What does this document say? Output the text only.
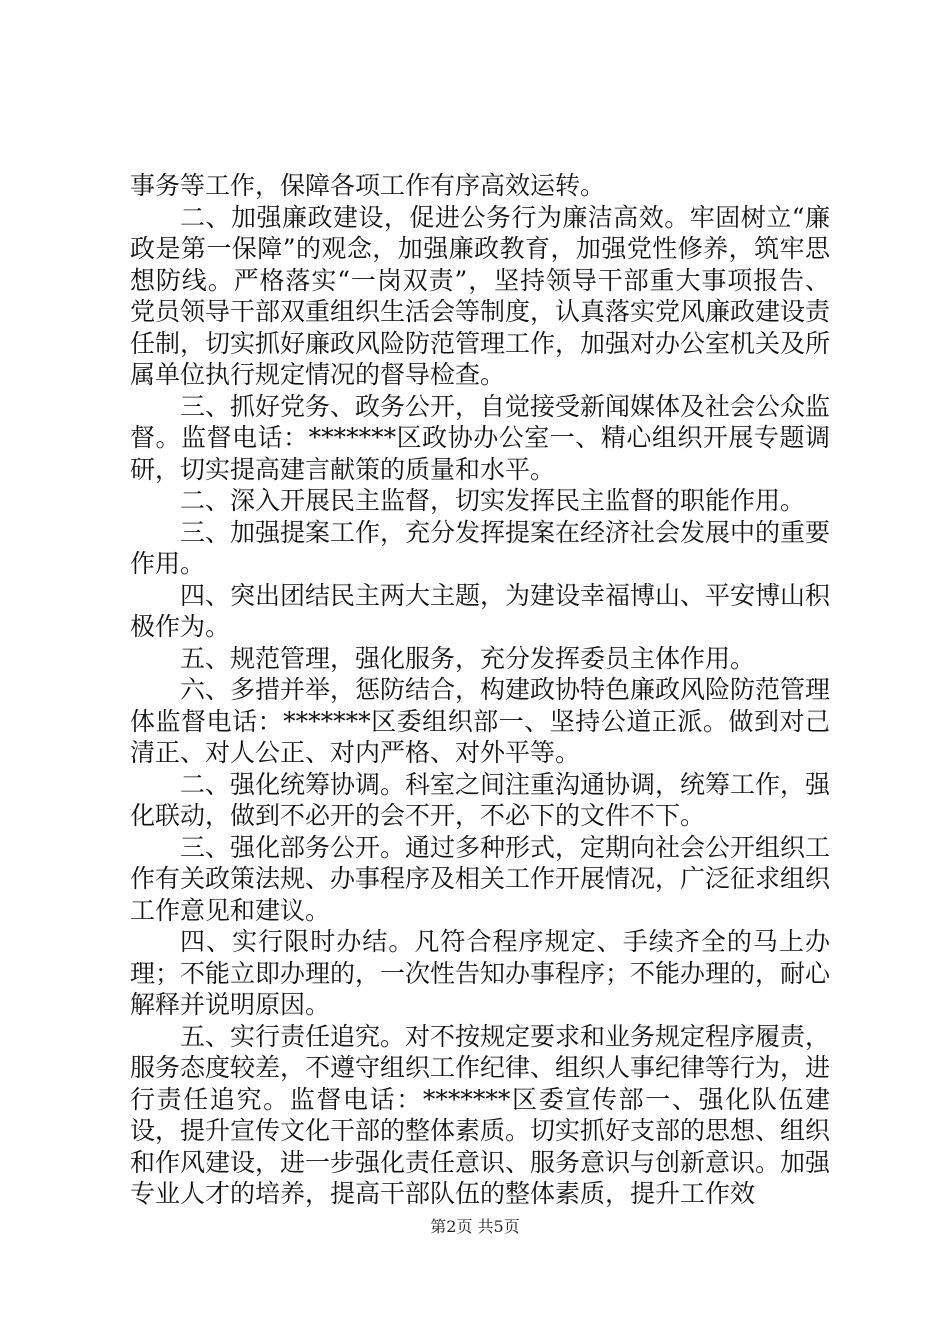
事务等工作，保障各项工作有序高效运转。

二、加强廉政建设，促进公务行为廉洁高效。牢固树立“廉政是第一保障”的观念，加强廉政教育，加强党性修养，筑牢思想防线。严格落实“一岗双责”，坚持领导干部重大事项报告、党员领导干部双重组织生活会等制度，认真落实党风廉政建设责任制，切实抓好廉政风险防范管理工作，加强对办公室机关及所属单位执行规定情况的督导检查。

三、抓好党务、政务公开，自觉接受新闻媒体及社会公众监督。监督电话：*******区政协办公室一、精心组织开展专题调研，切实提高建言献策的质量和水平。

二、深入开展民主监督，切实发挥民主监督的职能作用。

三、加强提案工作，充分发挥提案在经济社会发展中的重要作用。

四、突出团结民主两大主题，为建设幸福博山、平安博山积极作为。

五、规范管理，强化服务，充分发挥委员主体作用。

六、多措并举，惩防结合，构建政协特色廉政风险防范管理体监督电话：*******区委组织部一、坚持公道正派。做到对己清正、对人公正、对内严格、对外平等。

二、强化统筹协调。科室之间注重沟通协调，统筹工作，强化联动，做到不必开的会不开，不必下的文件不下。

三、强化部务公开。通过多种形式，定期向社会公开组织工作有关政策法规、办事程序及相关工作开展情况，广泛征求组织工作意见和建议。

四、实行限时办结。凡符合程序规定、手续齐全的马上办理；不能立即办理的，一次性告知办事程序；不能办理的，耐心解释并说明原因。

五、实行责任追究。对不按规定要求和业务规定程序履责，服务态度较差，不遵守组织工作纪律、组织人事纪律等行为，进行责任追究。监督电话：*******区委宣传部一、强化队伍建设，提升宣传文化干部的整体素质。切实抓好支部的思想、组织和作风建设，进一步强化责任意识、服务意识与创新意识。加强专业人才的培养，提高干部队伍的整体素质，提升工作效

第2页 共5页
